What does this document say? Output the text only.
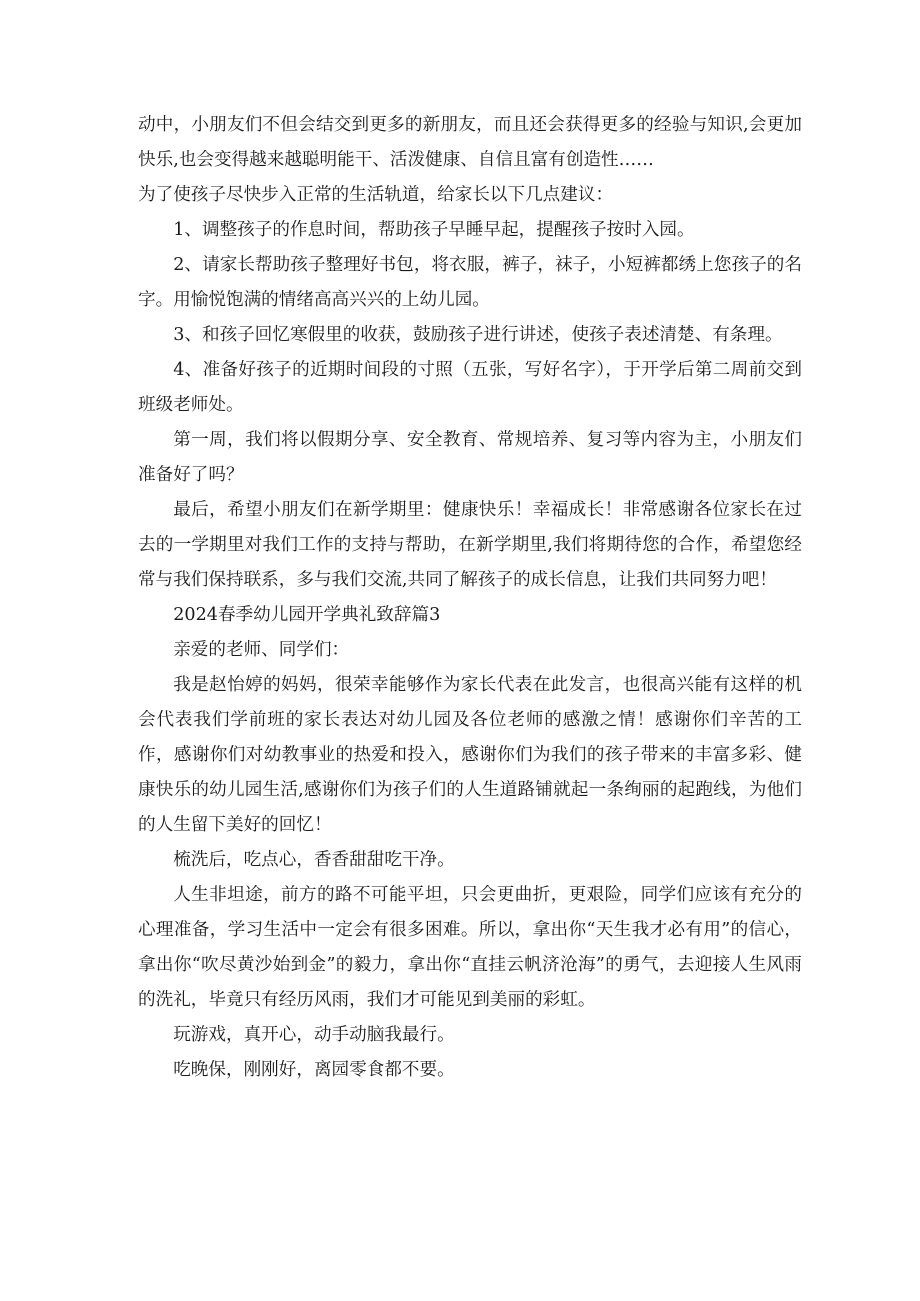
动中，小朋友们不但会结交到更多的新朋友，而且还会获得更多的经验与知识,会更加快乐,也会变得越来越聪明能干、活泼健康、自信且富有创造性……

为了使孩子尽快步入正常的生活轨道，给家长以下几点建议：

1、调整孩子的作息时间，帮助孩子早睡早起，提醒孩子按时入园。

2、请家长帮助孩子整理好书包，将衣服，裤子，袜子，小短裤都绣上您孩子的名字。用愉悦饱满的情绪高高兴兴的上幼儿园。

3、和孩子回忆寒假里的收获，鼓励孩子进行讲述，使孩子表述清楚、有条理。

4、准备好孩子的近期时间段的寸照（五张，写好名字），于开学后第二周前交到班级老师处。

第一周，我们将以假期分享、安全教育、常规培养、复习等内容为主，小朋友们准备好了吗？

最后，希望小朋友们在新学期里：健康快乐！幸福成长！非常感谢各位家长在过去的一学期里对我们工作的支持与帮助，在新学期里,我们将期待您的合作，希望您经常与我们保持联系，多与我们交流,共同了解孩子的成长信息，让我们共同努力吧！

2024春季幼儿园开学典礼致辞篇3

亲爱的老师、同学们：

我是赵怡婷的妈妈，很荣幸能够作为家长代表在此发言，也很高兴能有这样的机会代表我们学前班的家长表达对幼儿园及各位老师的感激之情！感谢你们辛苦的工作，感谢你们对幼教事业的热爱和投入，感谢你们为我们的孩子带来的丰富多彩、健康快乐的幼儿园生活,感谢你们为孩子们的人生道路铺就起一条绚丽的起跑线，为他们的人生留下美好的回忆！

梳洗后，吃点心，香香甜甜吃干净。

人生非坦途，前方的路不可能平坦，只会更曲折，更艰险，同学们应该有充分的心理准备，学习生活中一定会有很多困难。所以，拿出你“天生我才必有用”的信心，拿出你“吹尽黄沙始到金”的毅力，拿出你“直挂云帆济沧海”的勇气，去迎接人生风雨的洗礼，毕竟只有经历风雨，我们才可能见到美丽的彩虹。

玩游戏，真开心，动手动脑我最行。

吃晚保，刚刚好，离园零食都不要。
